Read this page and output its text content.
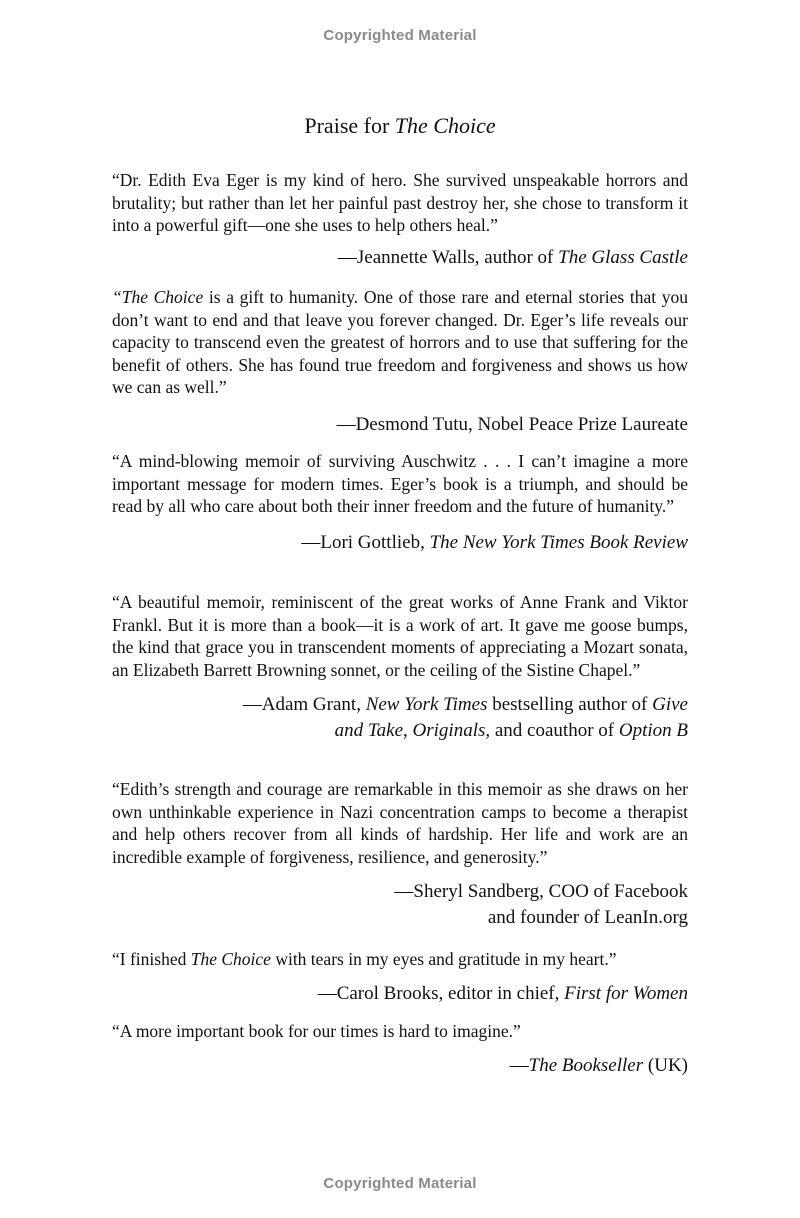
Copyrighted Material
Praise for The Choice

“Dr. Edith Eva Eger is my kind of hero. She survived unspeakable horrors and brutality; but rather than let her painful past destroy her, she chose to transform it into a powerful gift—one she uses to help others heal.”

—Jeannette Walls, author of The Glass Castle

“The Choice is a gift to humanity. One of those rare and eternal stories that you don’t want to end and that leave you forever changed. Dr. Eger’s life reveals our capacity to transcend even the greatest of horrors and to use that suffering for the benefit of others. She has found true freedom and forgiveness and shows us how we can as well.”

—Desmond Tutu, Nobel Peace Prize Laureate

“A mind-blowing memoir of surviving Auschwitz . . . I can’t imagine a more important message for modern times. Eger’s book is a triumph, and should be read by all who care about both their inner freedom and the future of humanity.”

—Lori Gottlieb, The New York Times Book Review

“A beautiful memoir, reminiscent of the great works of Anne Frank and Viktor Frankl. But it is more than a book—it is a work of art. It gave me goose bumps, the kind that grace you in transcendent moments of appreciating a Mozart sonata, an Elizabeth Barrett Browning sonnet, or the ceiling of the Sistine Chapel.”

—Adam Grant, New York Times bestselling author of Give

and Take, Originals, and coauthor of Option B

“Edith’s strength and courage are remarkable in this memoir as she draws on her own unthinkable experience in Nazi concentration camps to become a therapist and help others recover from all kinds of hardship. Her life and work are an incredible example of forgiveness, resilience, and generosity.”

—Sheryl Sandberg, COO of Facebook

and founder of LeanIn.org

“I finished The Choice with tears in my eyes and gratitude in my heart.”

—Carol Brooks, editor in chief, First for Women

“A more important book for our times is hard to imagine.”

—The Bookseller (UK)

Copyrighted Material
